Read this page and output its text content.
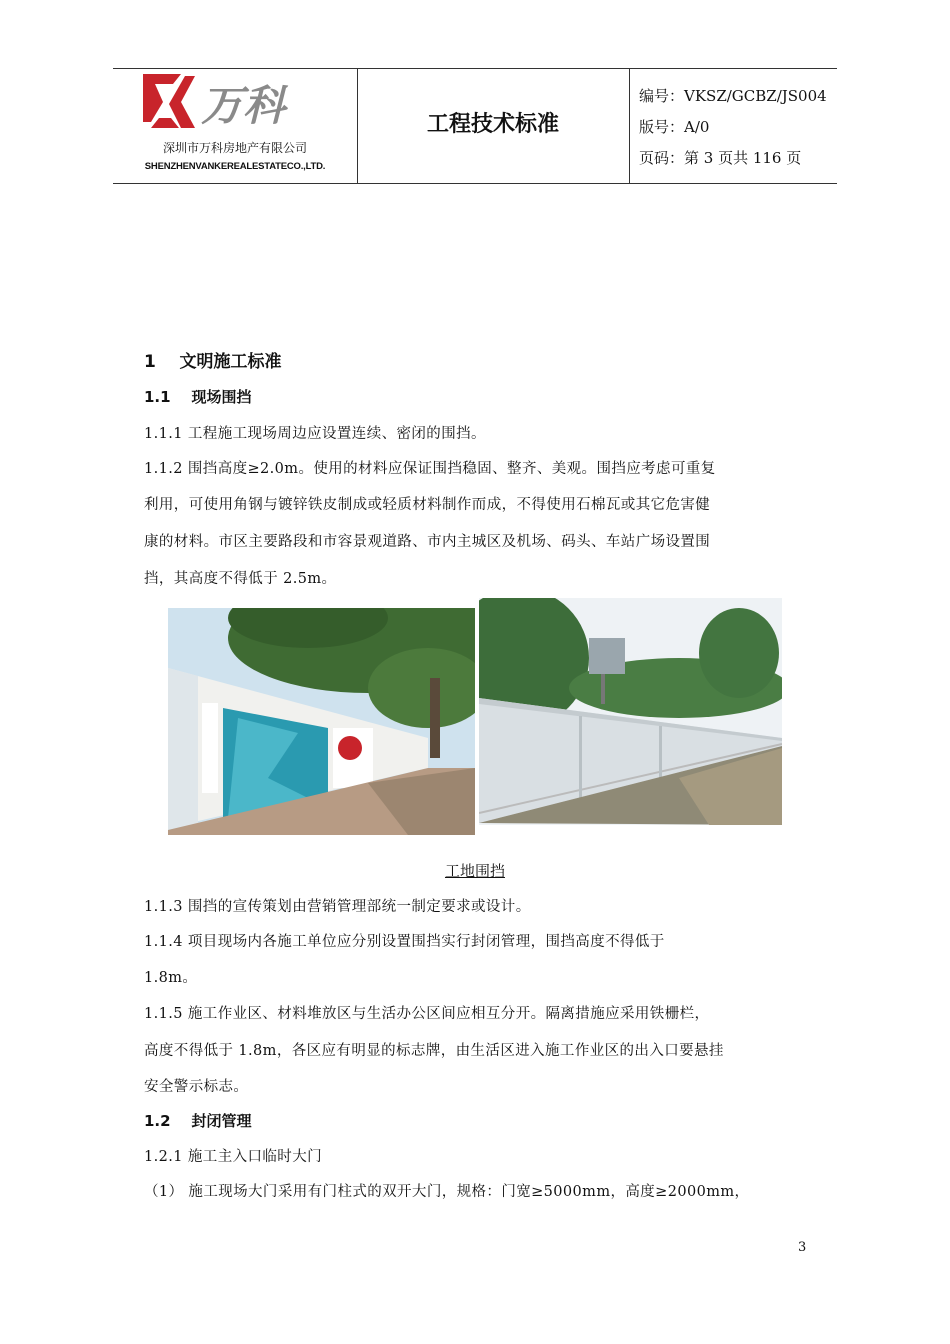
万科
深圳市万科房地产有限公司
SHENZHENVANKEREALESTATECO.,LTD.
工程技术标准
编号：VKSZ/GCBZ/JS004
版号：A/0
页码：第 3 页共 116 页
1 文明施工标准
1.1 现场围挡
1.1.1 工程施工现场周边应设置连续、密闭的围挡。
1.1.2 围挡高度≥2.0m。使用的材料应保证围挡稳固、整齐、美观。围挡应考虑可重复
利用，可使用角钢与镀锌铁皮制成或轻质材料制作而成，不得使用石棉瓦或其它危害健
康的材料。市区主要路段和市容景观道路、市内主城区及机场、码头、车站广场设置围
挡，其高度不得低于 2.5m。
工地围挡
1.1.3 围挡的宣传策划由营销管理部统一制定要求或设计。
1.1.4 项目现场内各施工单位应分别设置围挡实行封闭管理，围挡高度不得低于
1.8m。
1.1.5 施工作业区、材料堆放区与生活办公区间应相互分开。隔离措施应采用铁栅栏，
高度不得低于 1.8m，各区应有明显的标志牌，由生活区进入施工作业区的出入口要悬挂
安全警示标志。
1.2 封闭管理
1.2.1 施工主入口临时大门
（1） 施工现场大门采用有门柱式的双开大门，规格：门宽≥5000mm，高度≥2000mm，
3
